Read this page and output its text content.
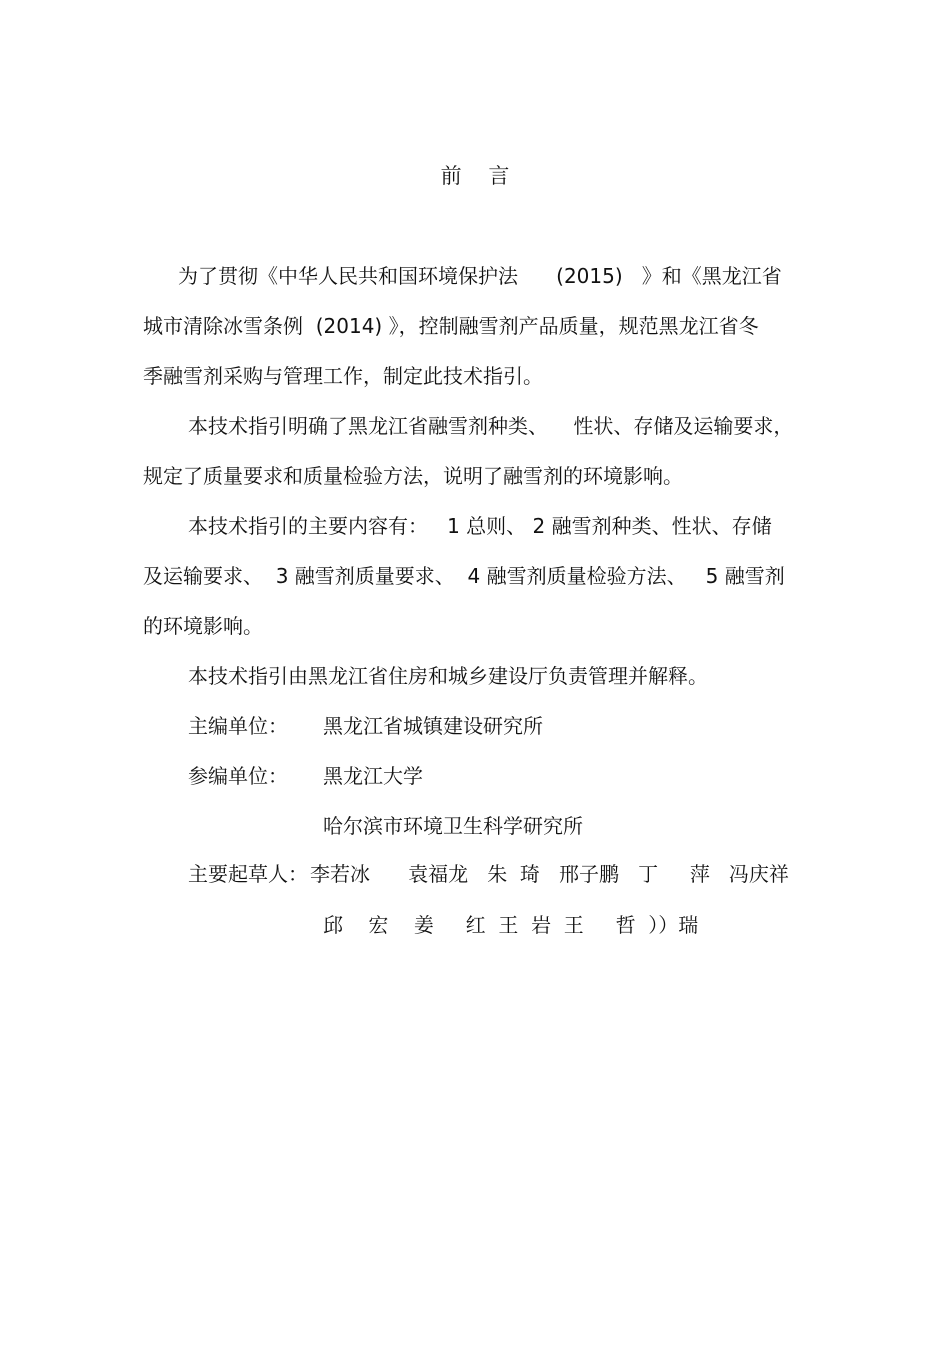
前    言
为了贯彻《中华人民共和国环境保护法      (2015)   》和《黑龙江省
城市清除冰雪条例  (2014) 》，控制融雪剂产品质量，规范黑龙江省冬
季融雪剂采购与管理工作，制定此技术指引。
本技术指引明确了黑龙江省融雪剂种类、    性状、存储及运输要求，
规定了质量要求和质量检验方法，说明了融雪剂的环境影响。
本技术指引的主要内容有：   1 总则、 2 融雪剂种类、性状、存储
及运输要求、  3 融雪剂质量要求、  4 融雪剂质量检验方法、   5 融雪剂
的环境影响。
本技术指引由黑龙江省住房和城乡建设厅负责管理并解释。
主编单位： 黑龙江省城镇建设研究所
参编单位： 黑龙江大学
哈尔滨市环境卫生科学研究所
主要起草人： 李若冰      袁福龙   朱  琦   邢子鹏   丁     萍   冯庆祥
邱    宏    姜     红  王  岩  王     哲  ））瑞
